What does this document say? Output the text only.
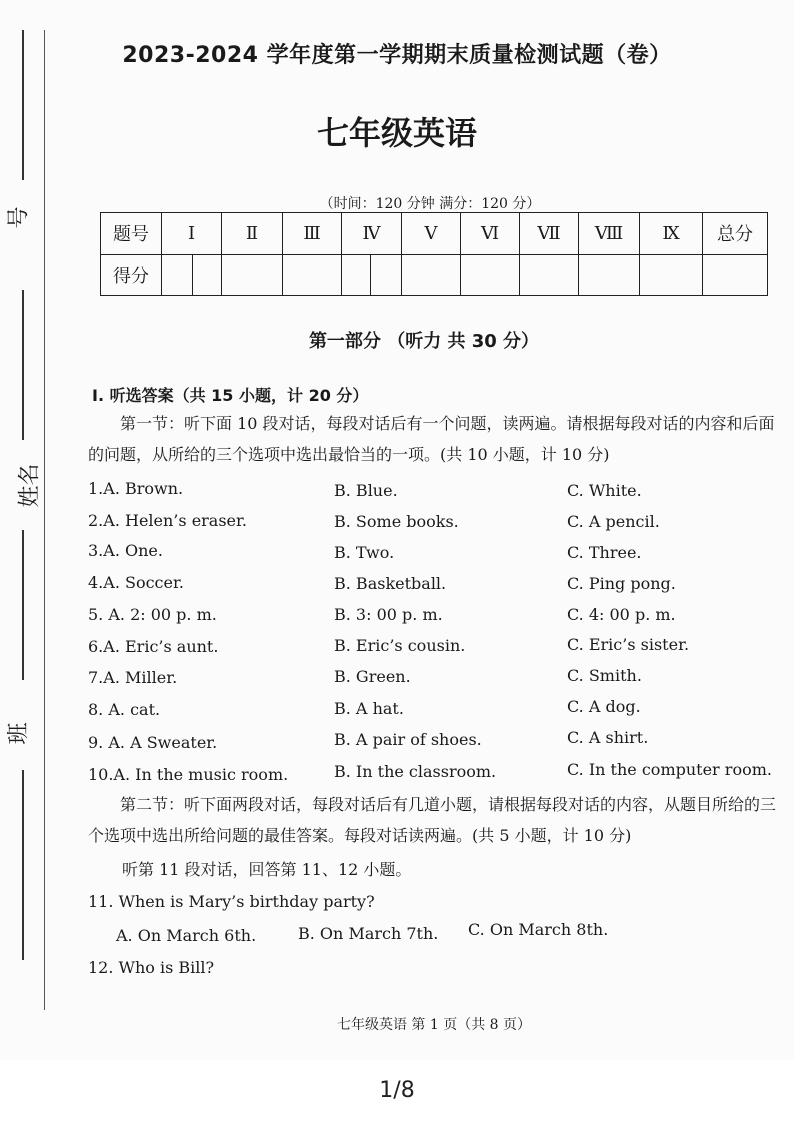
号
姓名
班
2023-2024 学年度第一学期期末质量检测试题（卷）
七年级英语
（时间：120 分钟 满分：120 分）
题号	Ⅰ		Ⅱ	Ⅲ	Ⅳ		Ⅴ	Ⅵ	Ⅶ	Ⅷ	Ⅸ	总分
得分												
第一部分 （听力 共 30 分）
I. 听选答案（共 15 小题，计 20 分）
第一节：听下面 10 段对话，每段对话后有一个问题，读两遍。请根据每段对话的内容和后面的问题，从所给的三个选项中选出最恰当的一项。(共 10 小题，计 10 分)
1.A. Brown.	B. Blue.	C. White.
2.A. Helen’s eraser.	B. Some books.	C. A pencil.
3.A. One.	B. Two.	C. Three.
4.A. Soccer.	B. Basketball.	C. Ping pong.
5. A. 2: 00 p. m.	B. 3: 00 p. m.	C. 4: 00 p. m.
6.A. Eric’s aunt.	B. Eric’s cousin.	C. Eric’s sister.
7.A. Miller.	B. Green.	C. Smith.
8. A. cat.	B. A hat.	C. A dog.
9. A. A Sweater.	B. A pair of shoes.	C. A shirt.
10.A. In the music room.	B. In the classroom.	C. In the computer room.
第二节：听下面两段对话，每段对话后有几道小题，请根据每段对话的内容，从题目所给的三个选项中选出所给问题的最佳答案。每段对话读两遍。(共 5 小题，计 10 分)
听第 11 段对话，回答第 11、12 小题。
11. When is Mary’s birthday party?
A. On March 6th.	B. On March 7th. C. On March 8th.
12. Who is Bill?
七年级英语 第 1 页（共 8 页）
1/8
